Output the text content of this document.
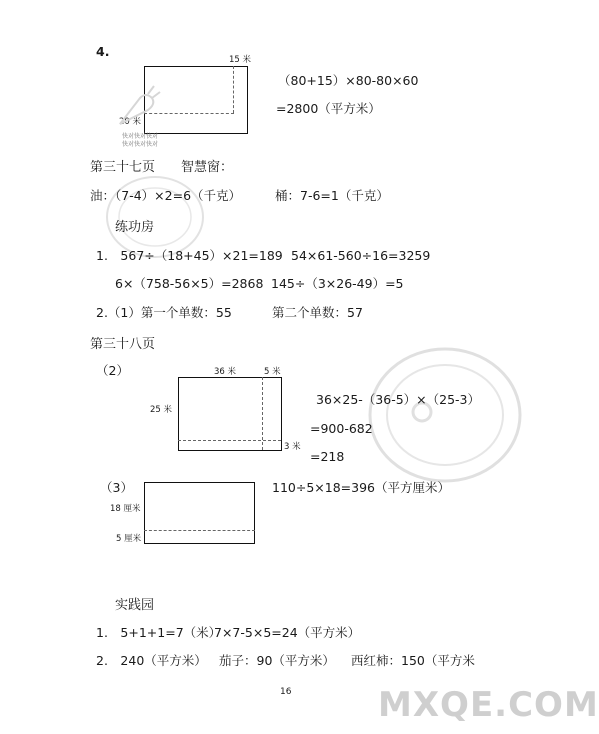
4.
15 米
20 米
快对快对快对
快对快对快对
（80+15）×80-80×60
=2800（平方米）
第三十七页　　智慧窗：
油：（7-4）×2=6（千克）	桶：7-6=1（千克）
练功房
1.　567÷（18+45）×21=189 54×61-560÷16=3259
6×（758-56×5）=2868 145÷（3×26-49）=5
2.（1）第一个单数：55	第二个单数：57
第三十八页
（2）	36 米	5 米
25 米
3 米
36×25-（36-5）×（25-3）
=900-682
=218
（3）
18 厘米
5 厘米
110÷5×18=396（平方厘米）
实践园
1.　5+1+1=7（米）
7×7-5×5=24（平方米）
2.　240（平方米） 茄子：90（平方米） 西红柿：150（平方米
MXQE.COM
16
